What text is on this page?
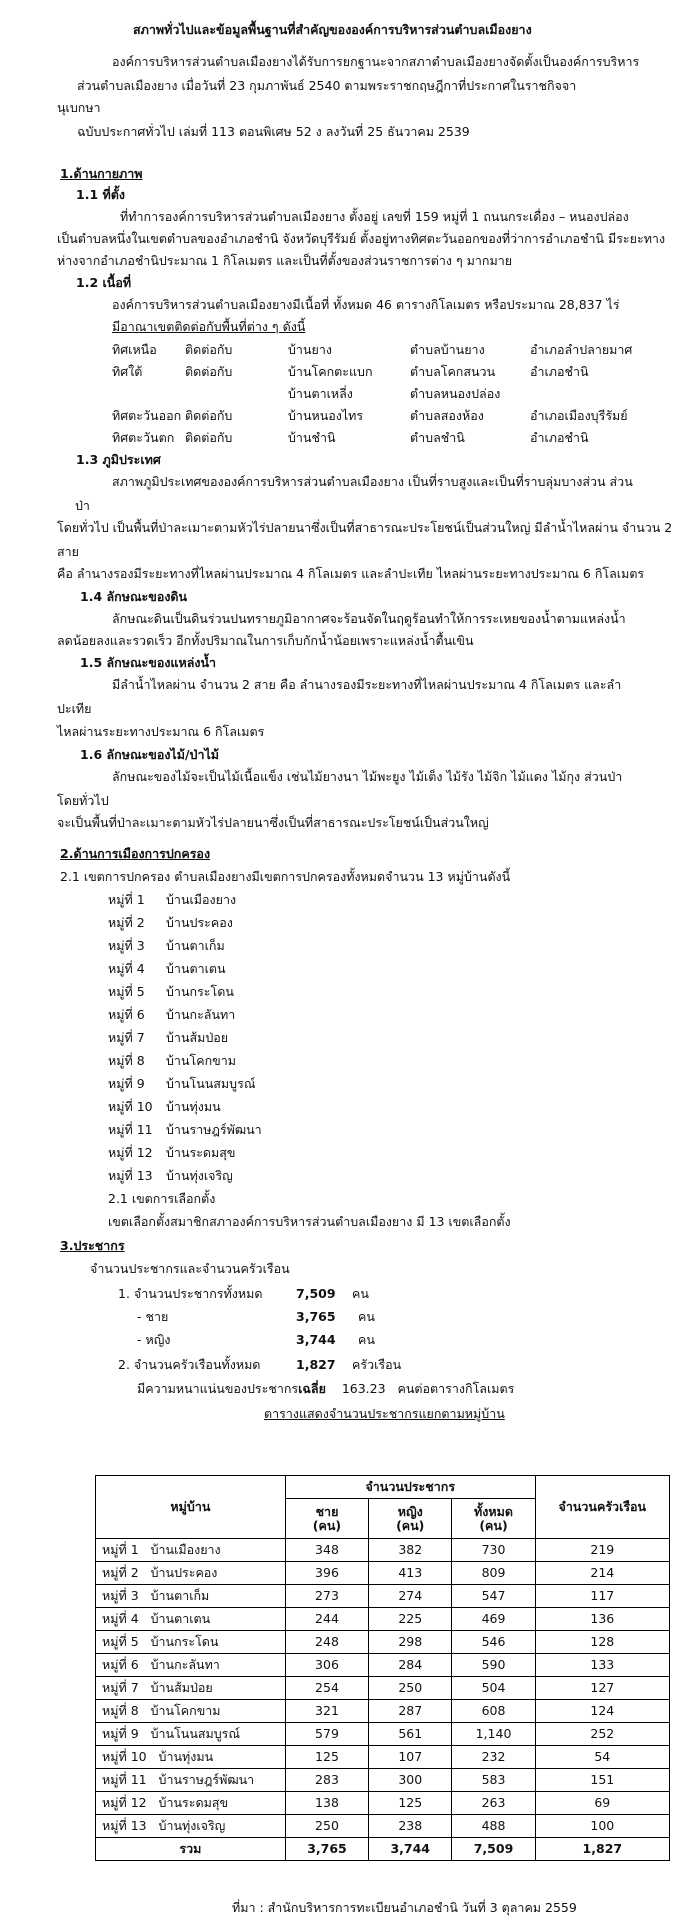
สภาพทั่วไปและข้อมูลพื้นฐานที่สำคัญขององค์การบริหารส่วนตำบลเมืองยาง
องค์การบริหารส่วนตำบลเมืองยางได้รับการยกฐานะจากสภาตำบลเมืองยางจัดตั้งเป็นองค์การบริหาร
ส่วนตำบลเมืองยาง เมื่อวันที่ 23 กุมภาพันธ์ 2540 ตามพระราชกฤษฎีกาที่ประกาศในราชกิจจา
นุเบกษา
ฉบับประกาศทั่วไป เล่มที่ 113 ตอนพิเศษ 52 ง ลงวันที่ 25 ธันวาคม 2539
1.ด้านกายภาพ
1.1 ที่ตั้ง
ที่ทำการองค์การบริหารส่วนตำบลเมืองยาง ตั้งอยู่ เลขที่ 159 หมู่ที่ 1 ถนนกระเดื่อง – หนองปล่อง
เป็นตำบลหนึ่งในเขตตำบลของอำเภอชำนิ จังหวัดบุรีรัมย์ ตั้งอยู่ทางทิศตะวันออกของที่ว่าการอำเภอชำนิ มีระยะทาง
ห่างจากอำเภอชำนิประมาณ 1 กิโลเมตร และเป็นที่ตั้งของส่วนราชการต่าง ๆ มากมาย
1.2 เนื้อที่
องค์การบริหารส่วนตำบลเมืองยางมีเนื้อที่ ทั้งหมด 46 ตารางกิโลเมตร หรือประมาณ 28,837 ไร่
มีอาณาเขตติดต่อกับพื้นที่ต่าง ๆ ดังนี้
ทิศเหนือ ติดต่อกับ	บ้านยาง	ตำบลบ้านยาง	อำเภอลำปลายมาศ
ทิศใต้	ติดต่อกับ	บ้านโคกตะแบก	ตำบลโคกสนวน	อำเภอชำนิ
บ้านตาเหลี่ง	ตำบลหนองปล่อง
ทิศตะวันออก ติดต่อกับ	บ้านหนองไทร	ตำบลสองห้อง	อำเภอเมืองบุรีรัมย์
ทิศตะวันตก ติดต่อกับ	บ้านชำนิ	ตำบลชำนิ	อำเภอชำนิ
1.3 ภูมิประเทศ
สภาพภูมิประเทศขององค์การบริหารส่วนตำบลเมืองยาง เป็นที่ราบสูงและเป็นที่ราบลุ่มบางส่วน ส่วน
ป่า
โดยทั่วไป เป็นพื้นที่ป่าละเมาะตามหัวไร่ปลายนาซึ่งเป็นที่สาธารณะประโยชน์เป็นส่วนใหญ่ มีลำน้ำไหลผ่าน จำนวน 2
สาย
คือ ลำนางรองมีระยะทางที่ไหลผ่านประมาณ 4 กิโลเมตร และลำปะเทีย ไหลผ่านระยะทางประมาณ 6 กิโลเมตร
1.4 ลักษณะของดิน
ลักษณะดินเป็นดินร่วนปนทรายภูมิอากาศจะร้อนจัดในฤดูร้อนทำให้การระเหยของน้ำตามแหล่งน้ำ
ลดน้อยลงและรวดเร็ว อีกทั้งปริมาณในการเก็บกักน้ำน้อยเพราะแหล่งน้ำตื้นเขิน
1.5 ลักษณะของแหล่งน้ำ
มีลำน้ำไหลผ่าน จำนวน 2 สาย คือ ลำนางรองมีระยะทางที่ไหลผ่านประมาณ 4 กิโลเมตร และลำ
ปะเทีย
ไหลผ่านระยะทางประมาณ 6 กิโลเมตร
1.6 ลักษณะของไม้/ป่าไม้
ลักษณะของไม้จะเป็นไม้เนื้อแข็ง เช่นไม้ยางนา ไม้พะยูง ไม้เต็ง ไม้รัง ไม้จิก ไม้แดง ไม้กุง ส่วนป่า
โดยทั่วไป
จะเป็นพื้นที่ป่าละเมาะตามหัวไร่ปลายนาซึ่งเป็นที่สาธารณะประโยชน์เป็นส่วนใหญ่
2.ด้านการเมืองการปกครอง
2.1 เขตการปกครอง ตำบลเมืองยางมีเขตการปกครองทั้งหมดจำนวน 13 หมู่บ้านดังนี้
หมู่ที่ 1 บ้านเมืองยาง
หมู่ที่ 2 บ้านประคอง
หมู่ที่ 3 บ้านตาเก็ม
หมู่ที่ 4 บ้านตาเตน
หมู่ที่ 5 บ้านกระโดน
หมู่ที่ 6 บ้านกะลันทา
หมู่ที่ 7 บ้านส้มป่อย
หมู่ที่ 8 บ้านโคกขาม
หมู่ที่ 9 บ้านโนนสมบูรณ์
หมู่ที่ 10 บ้านทุ่งมน
หมู่ที่ 11 บ้านราษฎร์พัฒนา
หมู่ที่ 12 บ้านระดมสุข
หมู่ที่ 13 บ้านทุ่งเจริญ
2.1 เขตการเลือกตั้ง
เขตเลือกตั้งสมาชิกสภาองค์การบริหารส่วนตำบลเมืองยาง มี 13 เขตเลือกตั้ง
3.ประชากร
จำนวนประชากรและจำนวนครัวเรือน
1. จำนวนประชากรทั้งหมด	7,509 คน
- ชาย	3,765 คน
- หญิง	3,744 คน
2. จำนวนครัวเรือนทั้งหมด	1,827 ครัวเรือน
มีความหนาแน่นของประชากรเฉลี่ย 163.23 คนต่อตารางกิโลเมตร
ตารางแสดงจำนวนประชากรแยกตามหมู่บ้าน
หมู่บ้าน	จำนวนประชากร			จำนวนครัวเรือน
	ชาย
(คน)	หญิง
(คน)	ทั้งหมด
(คน)	
หมู่ที่ 1 บ้านเมืองยาง	348	382	730	219
หมู่ที่ 2 บ้านประคอง	396	413	809	214
หมู่ที่ 3 บ้านตาเก็ม	273	274	547	117
หมู่ที่ 4 บ้านตาเตน	244	225	469	136
หมู่ที่ 5 บ้านกระโดน	248	298	546	128
หมู่ที่ 6 บ้านกะลันทา	306	284	590	133
หมู่ที่ 7 บ้านส้มป่อย	254	250	504	127
หมู่ที่ 8 บ้านโคกขาม	321	287	608	124
หมู่ที่ 9 บ้านโนนสมบูรณ์	579	561	1,140	252
หมู่ที่ 10 บ้านทุ่งมน	125	107	232	54
หมู่ที่ 11 บ้านราษฎร์พัฒนา	283	300	583	151
หมู่ที่ 12 บ้านระดมสุข	138	125	263	69
หมู่ที่ 13 บ้านทุ่งเจริญ	250	238	488	100
รวม	3,765	3,744	7,509	1,827
ที่มา : สำนักบริหารการทะเบียนอำเภอชำนิ วันที่ 3 ตุลาคม 2559
